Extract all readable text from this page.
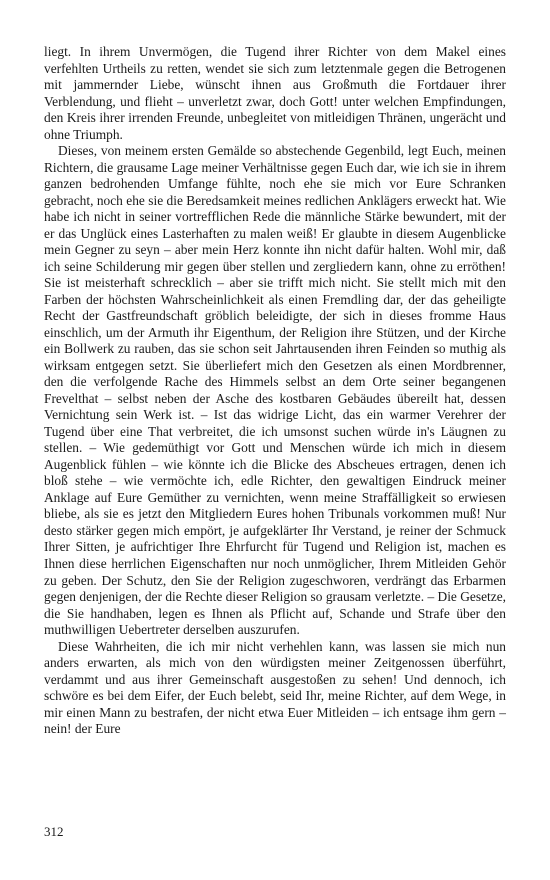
liegt. In ihrem Unvermögen, die Tugend ihrer Richter von dem Makel eines verfehlten Urtheils zu retten, wendet sie sich zum letztenmale gegen die Betrogenen mit jammernder Liebe, wünscht ihnen aus Großmuth die Fortdauer ihrer Verblendung, und flieht – unverletzt zwar, doch Gott! unter welchen Empfindungen, den Kreis ihrer irrenden Freunde, unbegleitet von mitleidigen Thränen, ungerächt und ohne Triumph.

Dieses, von meinem ersten Gemälde so abstechende Gegenbild, legt Euch, meinen Richtern, die grausame Lage meiner Verhältnisse gegen Euch dar, wie ich sie in ihrem ganzen bedrohenden Umfange fühlte, noch ehe sie mich vor Eure Schranken gebracht, noch ehe sie die Beredsamkeit meines redlichen Anklägers erweckt hat. Wie habe ich nicht in seiner vortrefflichen Rede die männliche Stärke bewundert, mit der er das Unglück eines Lasterhaften zu malen weiß! Er glaubte in diesem Augenblicke mein Gegner zu seyn – aber mein Herz konnte ihn nicht dafür halten. Wohl mir, daß ich seine Schilderung mir gegen über stellen und zergliedern kann, ohne zu erröthen! Sie ist meisterhaft schrecklich – aber sie trifft mich nicht. Sie stellt mich mit den Farben der höchsten Wahrscheinlichkeit als einen Fremdling dar, der das geheiligte Recht der Gastfreundschaft gröblich beleidigte, der sich in dieses fromme Haus einschlich, um der Armuth ihr Eigenthum, der Religion ihre Stützen, und der Kirche ein Bollwerk zu rauben, das sie schon seit Jahrtausenden ihren Feinden so muthig als wirksam entgegen setzt. Sie überliefert mich den Gesetzen als einen Mordbrenner, den die verfolgende Rache des Himmels selbst an dem Orte seiner begangenen Frevelthat – selbst neben der Asche des kostbaren Gebäudes übereilt hat, dessen Vernichtung sein Werk ist. – Ist das widrige Licht, das ein warmer Verehrer der Tugend über eine That verbreitet, die ich umsonst suchen würde in's Läugnen zu stellen. – Wie gedemüthigt vor Gott und Menschen würde ich mich in diesem Augenblick fühlen – wie könnte ich die Blicke des Abscheues ertragen, denen ich bloß stehe – wie vermöchte ich, edle Richter, den gewaltigen Eindruck meiner Anklage auf Eure Gemüther zu vernichten, wenn meine Straffälligkeit so erwiesen bliebe, als sie es jetzt den Mitgliedern Eures hohen Tribunals vorkommen muß! Nur desto stärker gegen mich empört, je aufgeklärter Ihr Verstand, je reiner der Schmuck Ihrer Sitten, je aufrichtiger Ihre Ehrfurcht für Tugend und Religion ist, machen es Ihnen diese herrlichen Eigenschaften nur noch unmöglicher, Ihrem Mitleiden Gehör zu geben. Der Schutz, den Sie der Religion zugeschworen, verdrängt das Erbarmen gegen denjenigen, der die Rechte dieser Religion so grausam verletzte. – Die Gesetze, die Sie handhaben, legen es Ihnen als Pflicht auf, Schande und Strafe über den muthwilligen Uebertreter derselben auszurufen.

Diese Wahrheiten, die ich mir nicht verhehlen kann, was lassen sie mich nun anders erwarten, als mich von den würdigsten meiner Zeitgenossen überführt, verdammt und aus ihrer Gemeinschaft ausgestoßen zu sehen! Und dennoch, ich schwöre es bei dem Eifer, der Euch belebt, seid Ihr, meine Richter, auf dem Wege, in mir einen Mann zu bestrafen, der nicht etwa Euer Mitleiden – ich entsage ihm gern – nein! der Eure

312
